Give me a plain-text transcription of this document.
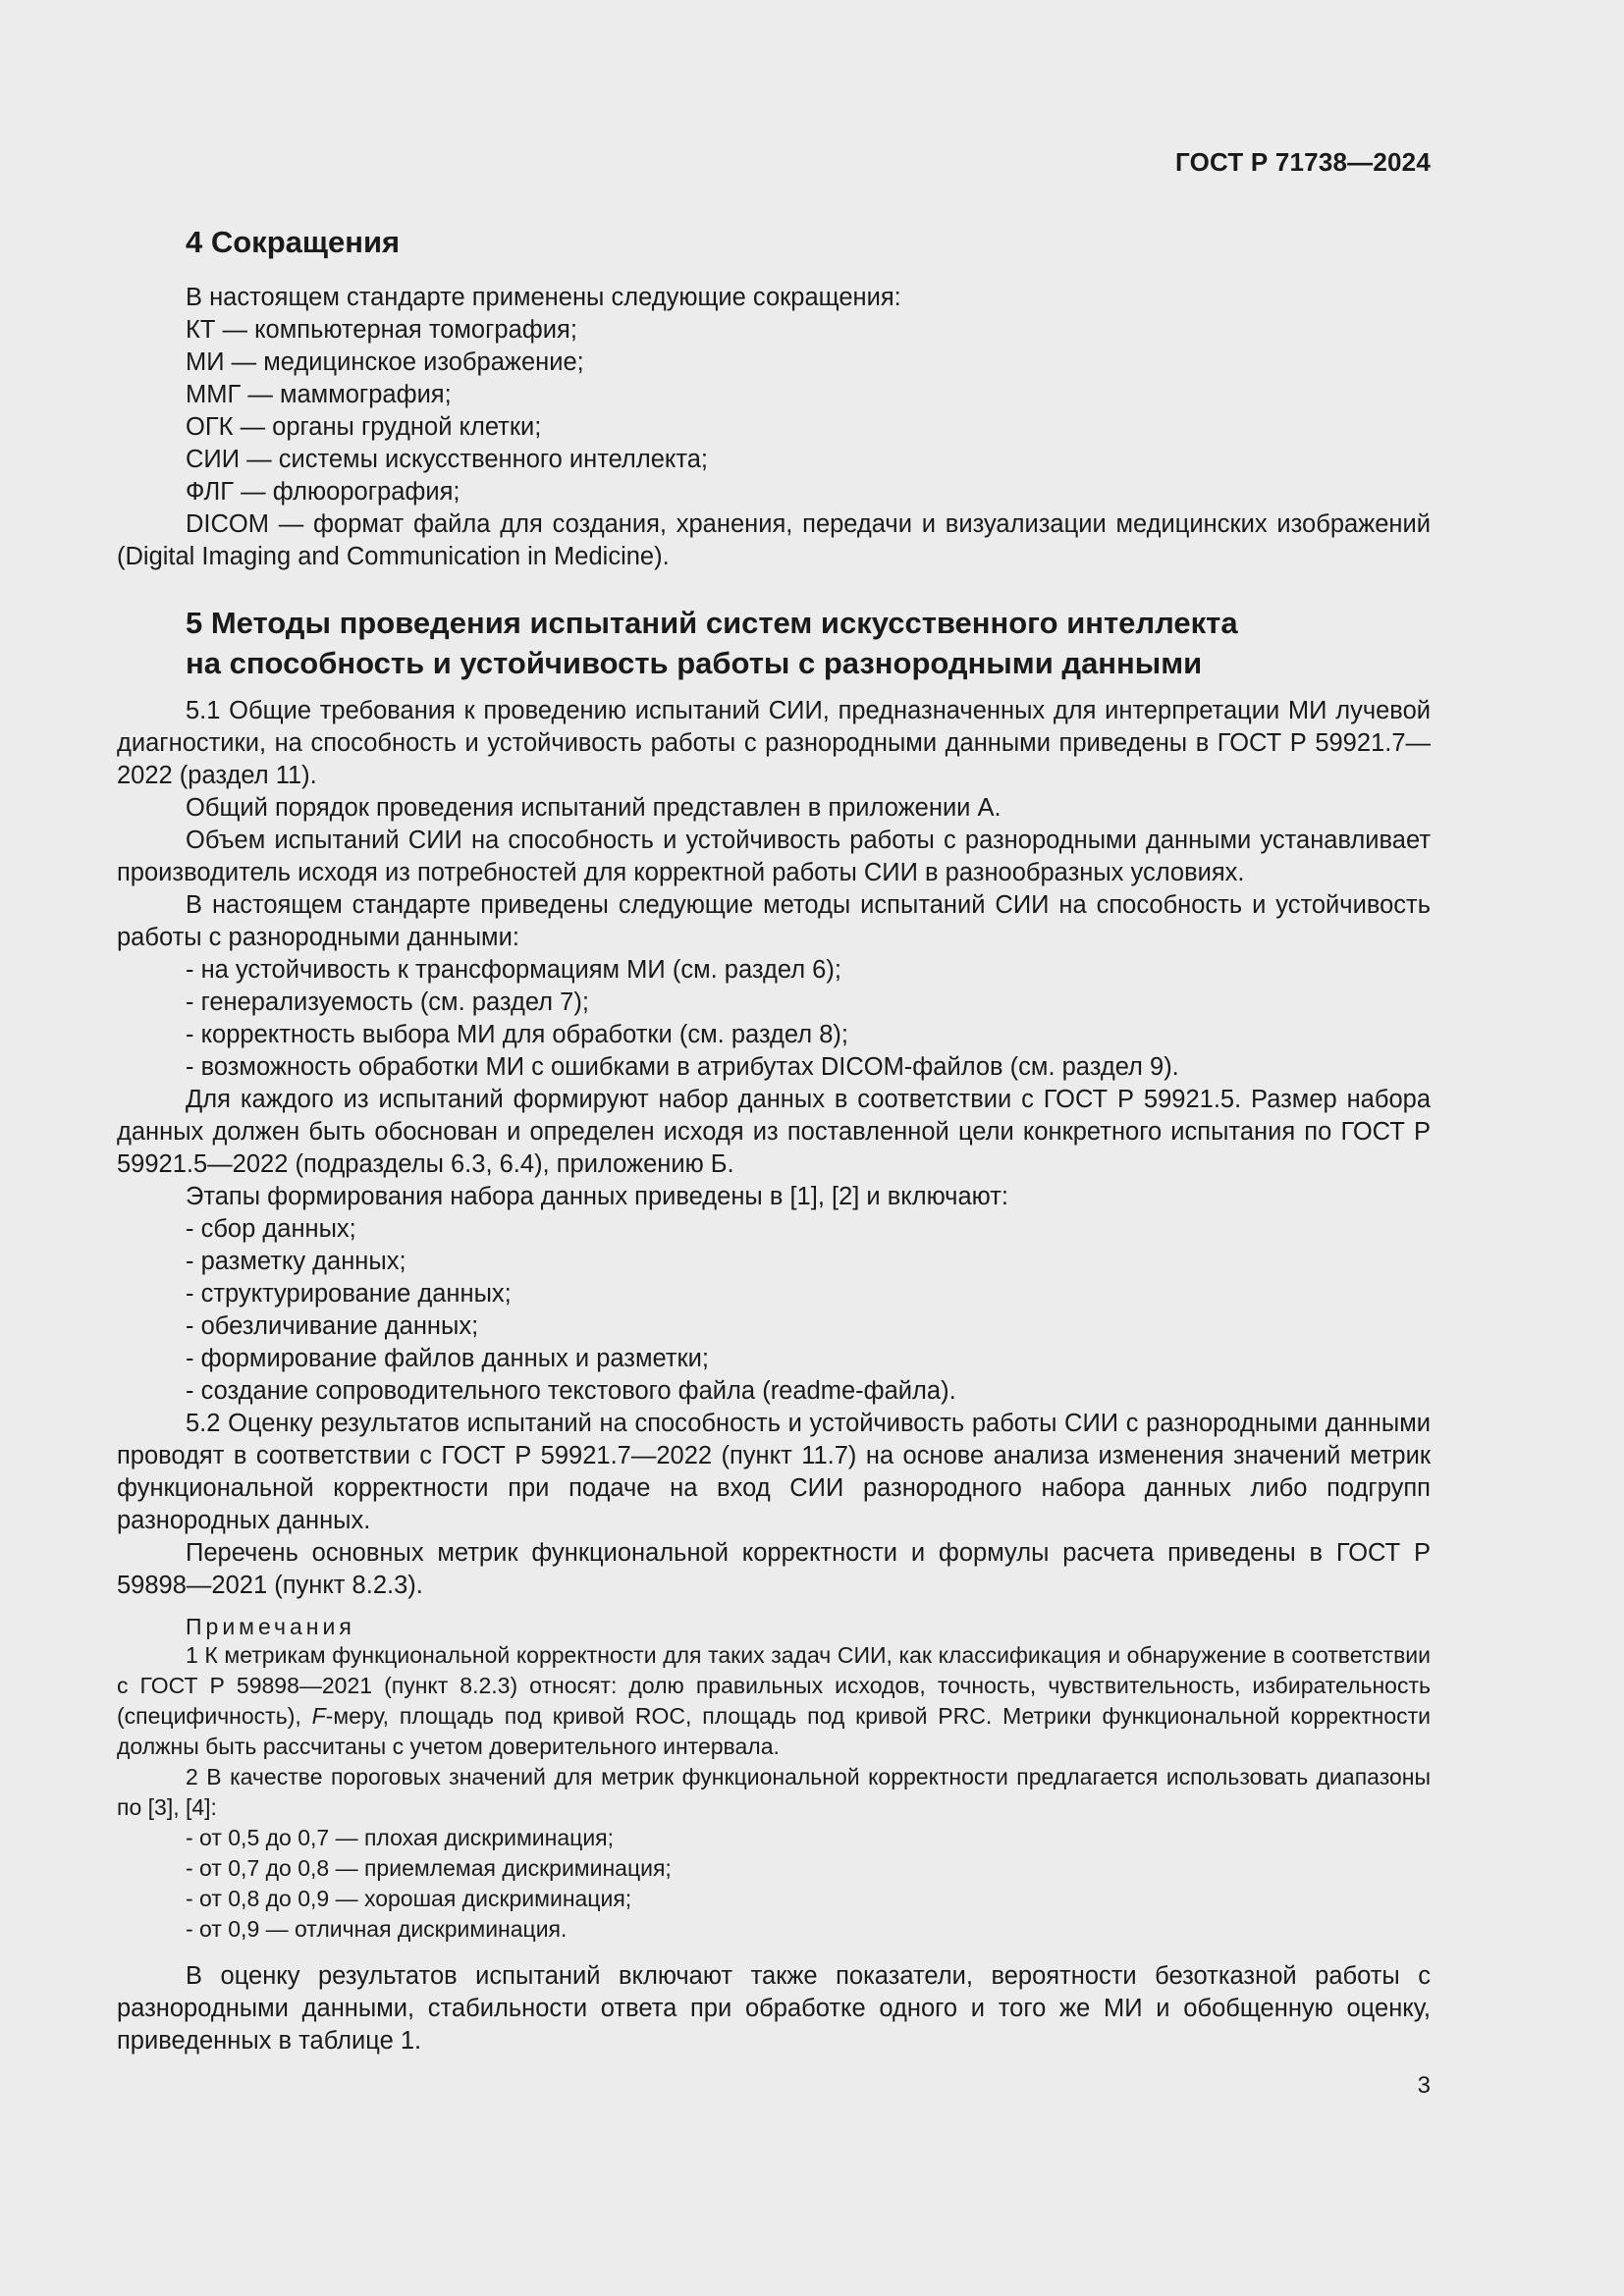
ГОСТ Р 71738—2024
4 Сокращения
В настоящем стандарте применены следующие сокращения:
КТ — компьютерная томография;
МИ — медицинское изображение;
ММГ — маммография;
ОГК — органы грудной клетки;
СИИ — системы искусственного интеллекта;
ФЛГ — флюорография;

DICOM — формат файла для создания, хранения, передачи и визуализации медицинских изображений (Digital Imaging and Communication in Medicine).

5 Методы проведения испытаний систем искусственного интеллекта
на способность и устойчивость работы с разнородными данными

5.1 Общие требования к проведению испытаний СИИ, предназначенных для интерпретации МИ лучевой диагностики, на способность и устойчивость работы с разнородными данными приведены в ГОСТ Р 59921.7—2022 (раздел 11).

Общий порядок проведения испытаний представлен в приложении А.

Объем испытаний СИИ на способность и устойчивость работы с разнородными данными устанавливает производитель исходя из потребностей для корректной работы СИИ в разнообразных условиях.

В настоящем стандарте приведены следующие методы испытаний СИИ на способность и устойчивость работы с разнородными данными:

- на устойчивость к трансформациям МИ (см. раздел 6);
- генерализуемость (см. раздел 7);
- корректность выбора МИ для обработки (см. раздел 8);
- возможность обработки МИ с ошибками в атрибутах DICOM-файлов (см. раздел 9).

Для каждого из испытаний формируют набор данных в соответствии с ГОСТ Р 59921.5. Размер набора данных должен быть обоснован и определен исходя из поставленной цели конкретного испытания по ГОСТ Р 59921.5—2022 (подразделы 6.3, 6.4), приложению Б.

Этапы формирования набора данных приведены в [1], [2] и включают:

- сбор данных;
- разметку данных;
- структурирование данных;
- обезличивание данных;
- формирование файлов данных и разметки;
- создание сопроводительного текстового файла (readme-файла).

5.2 Оценку результатов испытаний на способность и устойчивость работы СИИ с разнородными данными проводят в соответствии с ГОСТ Р 59921.7—2022 (пункт 11.7) на основе анализа изменения значений метрик функциональной корректности при подаче на вход СИИ разнородного набора данных либо подгрупп разнородных данных.

Перечень основных метрик функциональной корректности и формулы расчета приведены в ГОСТ Р 59898—2021 (пункт 8.2.3).

Примечания

1 К метрикам функциональной корректности для таких задач СИИ, как классификация и обнаружение в соответствии с ГОСТ Р 59898—2021 (пункт 8.2.3) относят: долю правильных исходов, точность, чувствительность, избирательность (специфичность), F-меру, площадь под кривой ROC, площадь под кривой PRC. Метрики функциональной корректности должны быть рассчитаны с учетом доверительного интервала.

2 В качестве пороговых значений для метрик функциональной корректности предлагается использовать диапазоны по [3], [4]:

- от 0,5 до 0,7 — плохая дискриминация;
- от 0,7 до 0,8 — приемлемая дискриминация;
- от 0,8 до 0,9 — хорошая дискриминация;
- от 0,9 — отличная дискриминация.

В оценку результатов испытаний включают также показатели, вероятности безотказной работы с разнородными данными, стабильности ответа при обработке одного и того же МИ и обобщенную оценку, приведенных в таблице 1.

3
